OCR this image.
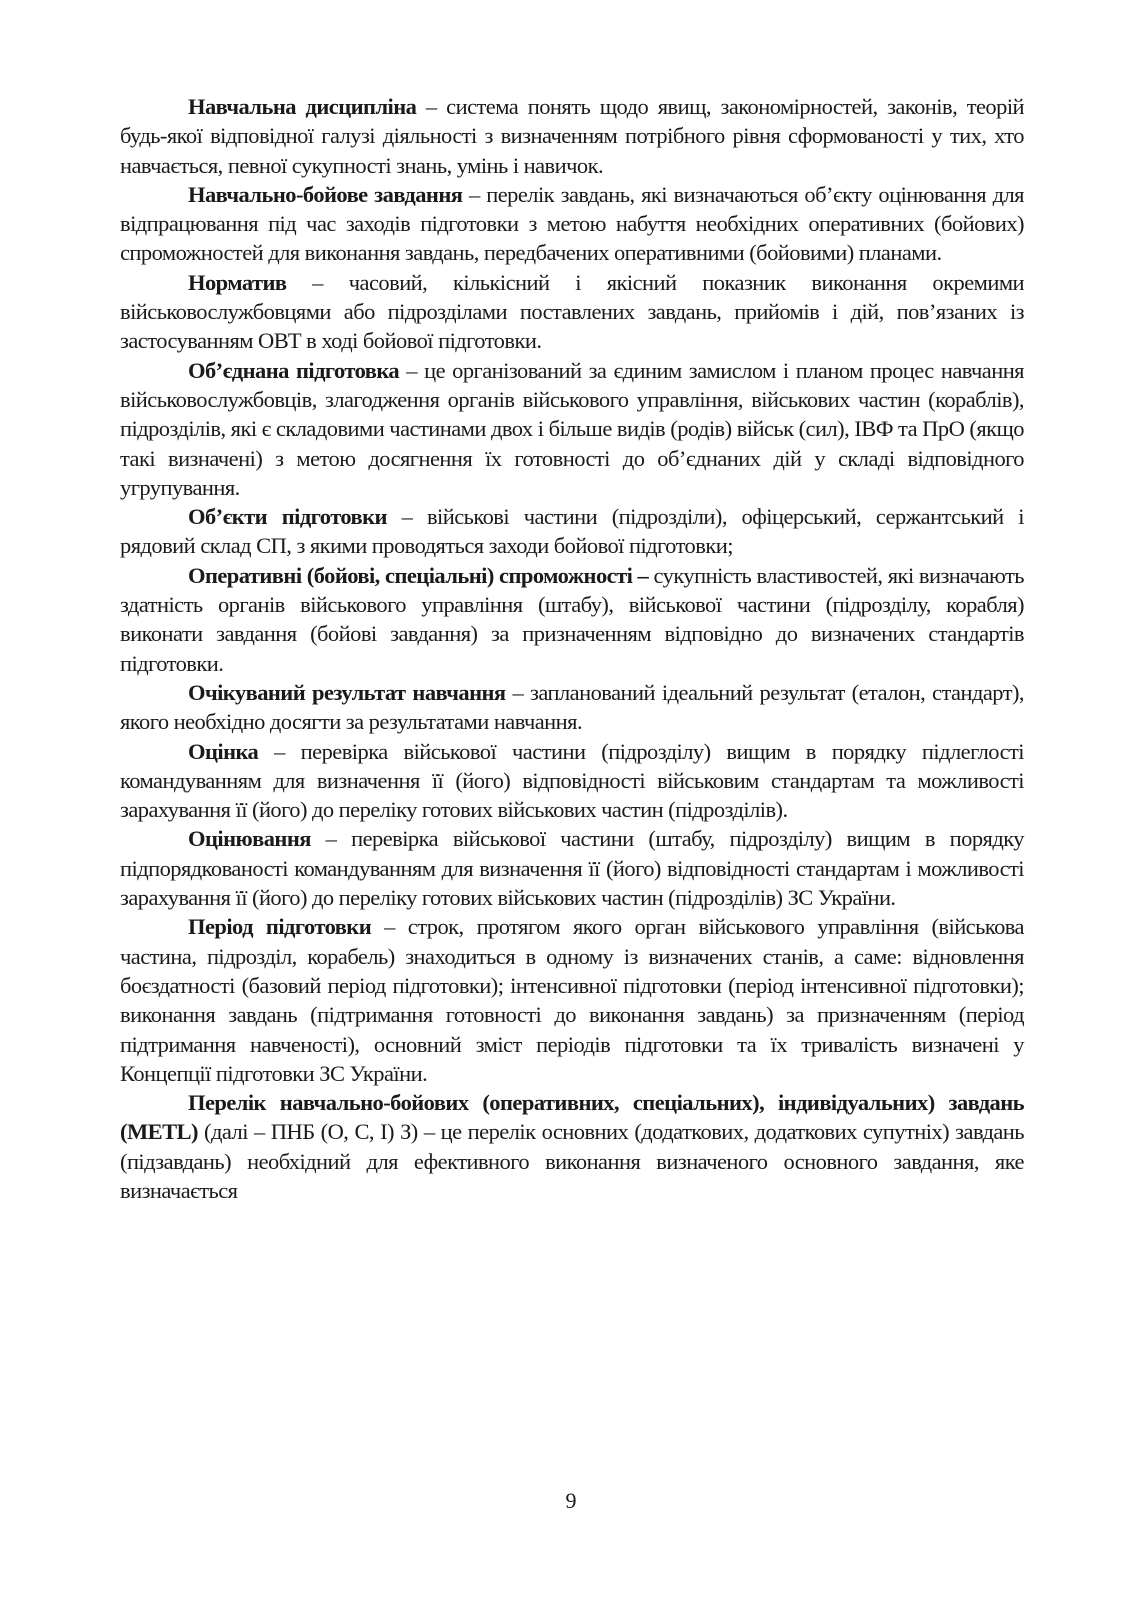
Навчальна дисципліна – система понять щодо явищ, закономірностей, законів, теорій будь-якої відповідної галузі діяльності з визначенням потрібного рівня сформованості у тих, хто навчається, певної сукупності знань, умінь і навичок.

Навчально-бойове завдання – перелік завдань, які визначаються об’єкту оцінювання для відпрацювання під час заходів підготовки з метою набуття необхідних оперативних (бойових) спроможностей для виконання завдань, передбачених оперативними (бойовими) планами.

Норматив – часовий, кількісний і якісний показник виконання окремими військовослужбовцями або підрозділами поставлених завдань, прийомів і дій, пов’язаних із застосуванням ОВТ в ході бойової підготовки.

Об’єднана підготовка – це організований за єдиним замислом і планом процес навчання військовослужбовців, злагодження органів військового управління, військових частин (кораблів), підрозділів, які є складовими частинами двох і більше видів (родів) військ (сил), ІВФ та ПрО (якщо такі визначені) з метою досягнення їх готовності до об’єднаних дій у складі відповідного угрупування.

Об’єкти підготовки – військові частини (підрозділи), офіцерський, сержантський і рядовий склад СП, з якими проводяться заходи бойової підготовки;

Оперативні (бойові, спеціальні) спроможності – сукупність властивостей, які визначають здатність органів військового управління (штабу), військової частини (підрозділу, корабля) виконати завдання (бойові завдання) за призначенням відповідно до визначених стандартів підготовки.

Очікуваний результат навчання – запланований ідеальний результат (еталон, стандарт), якого необхідно досягти за результатами навчання.

Оцінка – перевірка військової частини (підрозділу) вищим в порядку підлеглості командуванням для визначення її (його) відповідності військовим стандартам та можливості зарахування її (його) до переліку готових військових частин (підрозділів).

Оцінювання – перевірка військової частини (штабу, підрозділу) вищим в порядку підпорядкованості командуванням для визначення її (його) відповідності стандартам і можливості зарахування її (його) до переліку готових військових частин (підрозділів) ЗС України.

Період підготовки – строк, протягом якого орган військового управління (військова частина, підрозділ, корабель) знаходиться в одному із визначених станів, а саме: відновлення боєздатності (базовий період підготовки); інтенсивної підготовки (період інтенсивної підготовки); виконання завдань (підтримання готовності до виконання завдань) за призначенням (період підтримання навченості), основний зміст періодів підготовки та їх тривалість визначені у Концепції підготовки ЗС України.

Перелік навчально-бойових (оперативних, спеціальних), індивідуальних) завдань (METL) (далі – ПНБ (О, С, І) З) – це перелік основних (додаткових, додаткових супутніх) завдань (підзавдань) необхідний для ефективного виконання визначеного основного завдання, яке визначається

9
